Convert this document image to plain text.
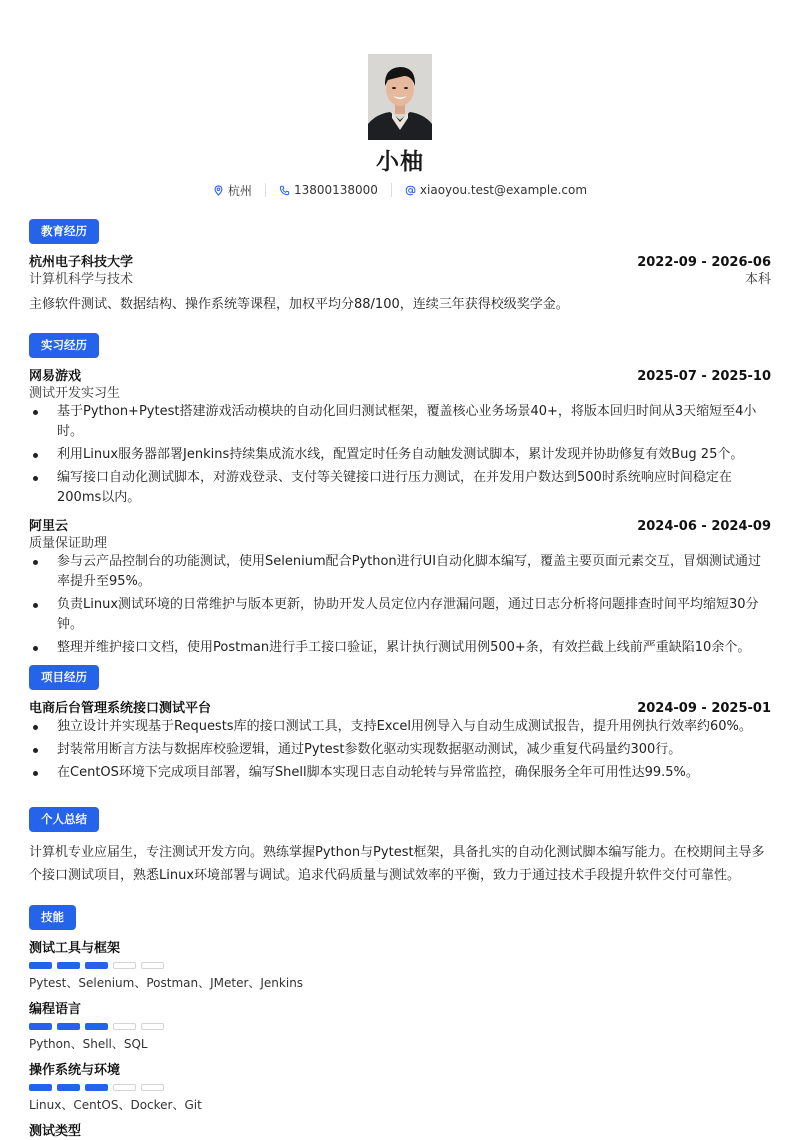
小柚
杭州	13800138000	xiaoyou.test@example.com
教育经历
杭州电子科技大学	2022-09 - 2026-06
计算机科学与技术	本科
主修软件测试、数据结构、操作系统等课程，加权平均分88/100，连续三年获得校级奖学金。
实习经历
网易游戏	2025-07 - 2025-10
测试开发实习生
基于Python+Pytest搭建游戏活动模块的自动化回归测试框架，覆盖核心业务场景40+，将版本回归时间从3天缩短至4小时。
利用Linux服务器部署Jenkins持续集成流水线，配置定时任务自动触发测试脚本，累计发现并协助修复有效Bug 25个。
编写接口自动化测试脚本，对游戏登录、支付等关键接口进行压力测试，在并发用户数达到500时系统响应时间稳定在200ms以内。
阿里云	2024-06 - 2024-09
质量保证助理
参与云产品控制台的功能测试，使用Selenium配合Python进行UI自动化脚本编写，覆盖主要页面元素交互，冒烟测试通过率提升至95%。
负责Linux测试环境的日常维护与版本更新，协助开发人员定位内存泄漏问题，通过日志分析将问题排查时间平均缩短30分钟。
整理并维护接口文档，使用Postman进行手工接口验证，累计执行测试用例500+条，有效拦截上线前严重缺陷10余个。
项目经历
电商后台管理系统接口测试平台	2024-09 - 2025-01
独立设计并实现基于Requests库的接口测试工具，支持Excel用例导入与自动生成测试报告，提升用例执行效率约60%。
封装常用断言方法与数据库校验逻辑，通过Pytest参数化驱动实现数据驱动测试，减少重复代码量约300行。
在CentOS环境下完成项目部署，编写Shell脚本实现日志自动轮转与异常监控，确保服务全年可用性达99.5%。
个人总结
计算机专业应届生，专注测试开发方向。熟练掌握Python与Pytest框架，具备扎实的自动化测试脚本编写能力。在校期间主导多个接口测试项目，熟悉Linux环境部署与调试。追求代码质量与测试效率的平衡，致力于通过技术手段提升软件交付可靠性。
技能
测试工具与框架
Pytest、Selenium、Postman、JMeter、Jenkins
编程语言
Python、Shell、SQL
操作系统与环境
Linux、CentOS、Docker、Git
测试类型
